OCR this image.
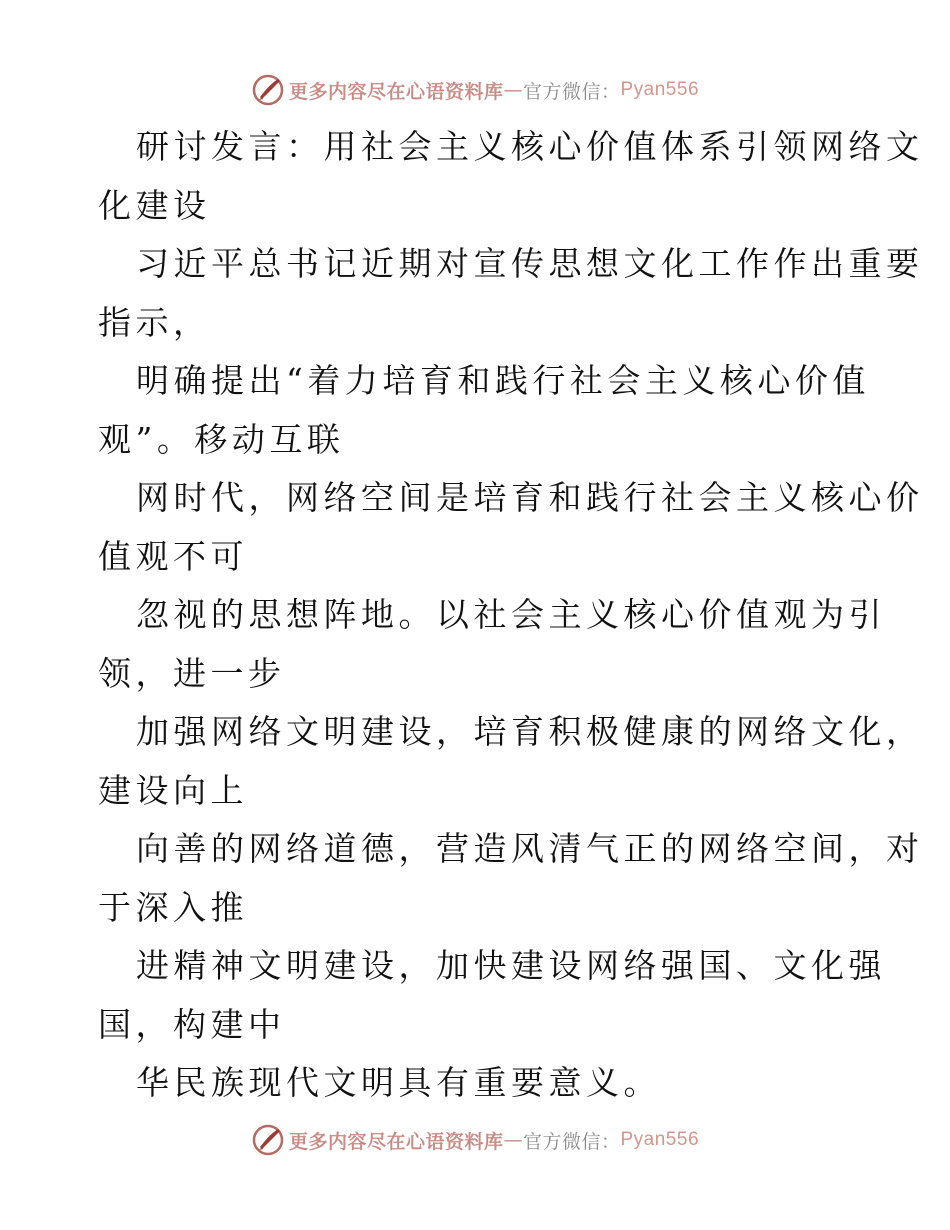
更多内容尽在心语资料库 — 官方微信： Pyan556
研讨发言：用社会主义核心价值体系引领网络文
化建设
习近平总书记近期对宣传思想文化工作作出重要
指示，
明确提出“着力培育和践行社会主义核心价值
观”。移动互联
网时代，网络空间是培育和践行社会主义核心价
值观不可
忽视的思想阵地。以社会主义核心价值观为引
领，进一步
加强网络文明建设，培育积极健康的网络文化，
建设向上
向善的网络道德，营造风清气正的网络空间，对
于深入推
进精神文明建设，加快建设网络强国、文化强
国，构建中
华民族现代文明具有重要意义。
更多内容尽在心语资料库 — 官方微信： Pyan556
